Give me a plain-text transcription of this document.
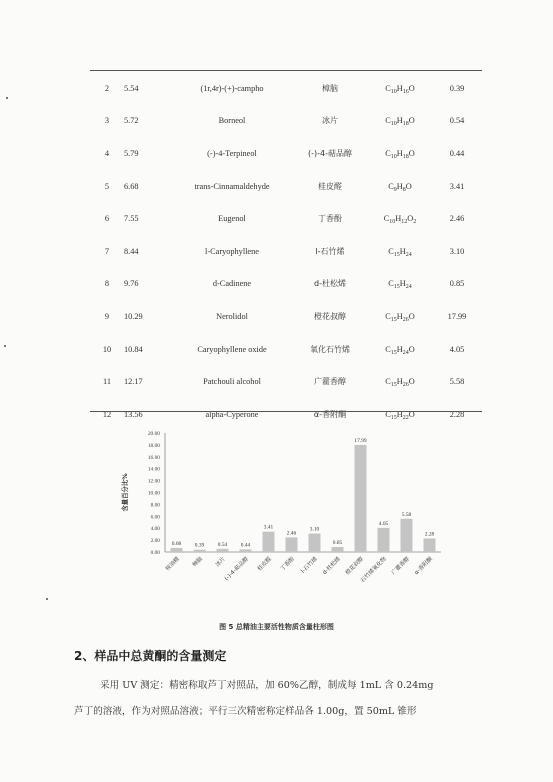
2	5.54	(1r,4r)-(+)-campho	樟脑	$C_{10}H_{16}O$	0.39
3	5.72	Borneol	冰片	$C_{10}H_{18}O$	0.54
4	5.79	(-)-4-Terpineol	(-)-4-萜品醇	$C_{10}H_{18}O$	0.44
5	6.68	trans-Cinnamaldehyde	桂皮醛	$C_9H_8O$	3.41
6	7.55	Eugenol	丁香酚	$C_{10}H_{12}O_2$	2.46
7	8.44	l-Caryophyllene	l-石竹烯	$C_{15}H_{24}$	3.10
8	9.76	d-Cadinene	d-杜松烯	$C_{15}H_{24}$	0.85
9	10.29	Nerolidol	橙花叔醇	$C_{15}H_{26}O$	17.99
10	10.84	Caryophyllene oxide	氧化石竹烯	$C_{15}H_{24}O$	4.05
11	12.17	Patchouli alcohol	广藿香醇	$C_{15}H_{26}O$	5.58
12	13.56	alpha-Cyperone	α-香附酮	$C_{15}H_{22}O$	2.28
0.00
2.00
4.00
6.00
8.00
10.00
12.00
14.00
16.00
18.00
20.00
含量百分比%
0.68
桉油精
0.39
樟脑
0.54
冰片
0.44
(-)-4-萜品醇
3.41
桂皮醛
2.46
丁香酚
3.10
l-石竹烯
0.85
d-杜松烯
17.99
橙花叔醇
4.05
石竹烯氧化物
5.58
广藿香醇
2.28
α-香附酮
图 5 总精油主要活性物质含量柱形图
2、样品中总黄酮的含量测定
采用 UV 测定：精密称取芦丁对照品，加 60%乙醇，制成每 1mL 含 0.24mg
芦丁的溶液，作为对照品溶液；平行三次精密称定样品各 1.00g，置 50mL 锥形
